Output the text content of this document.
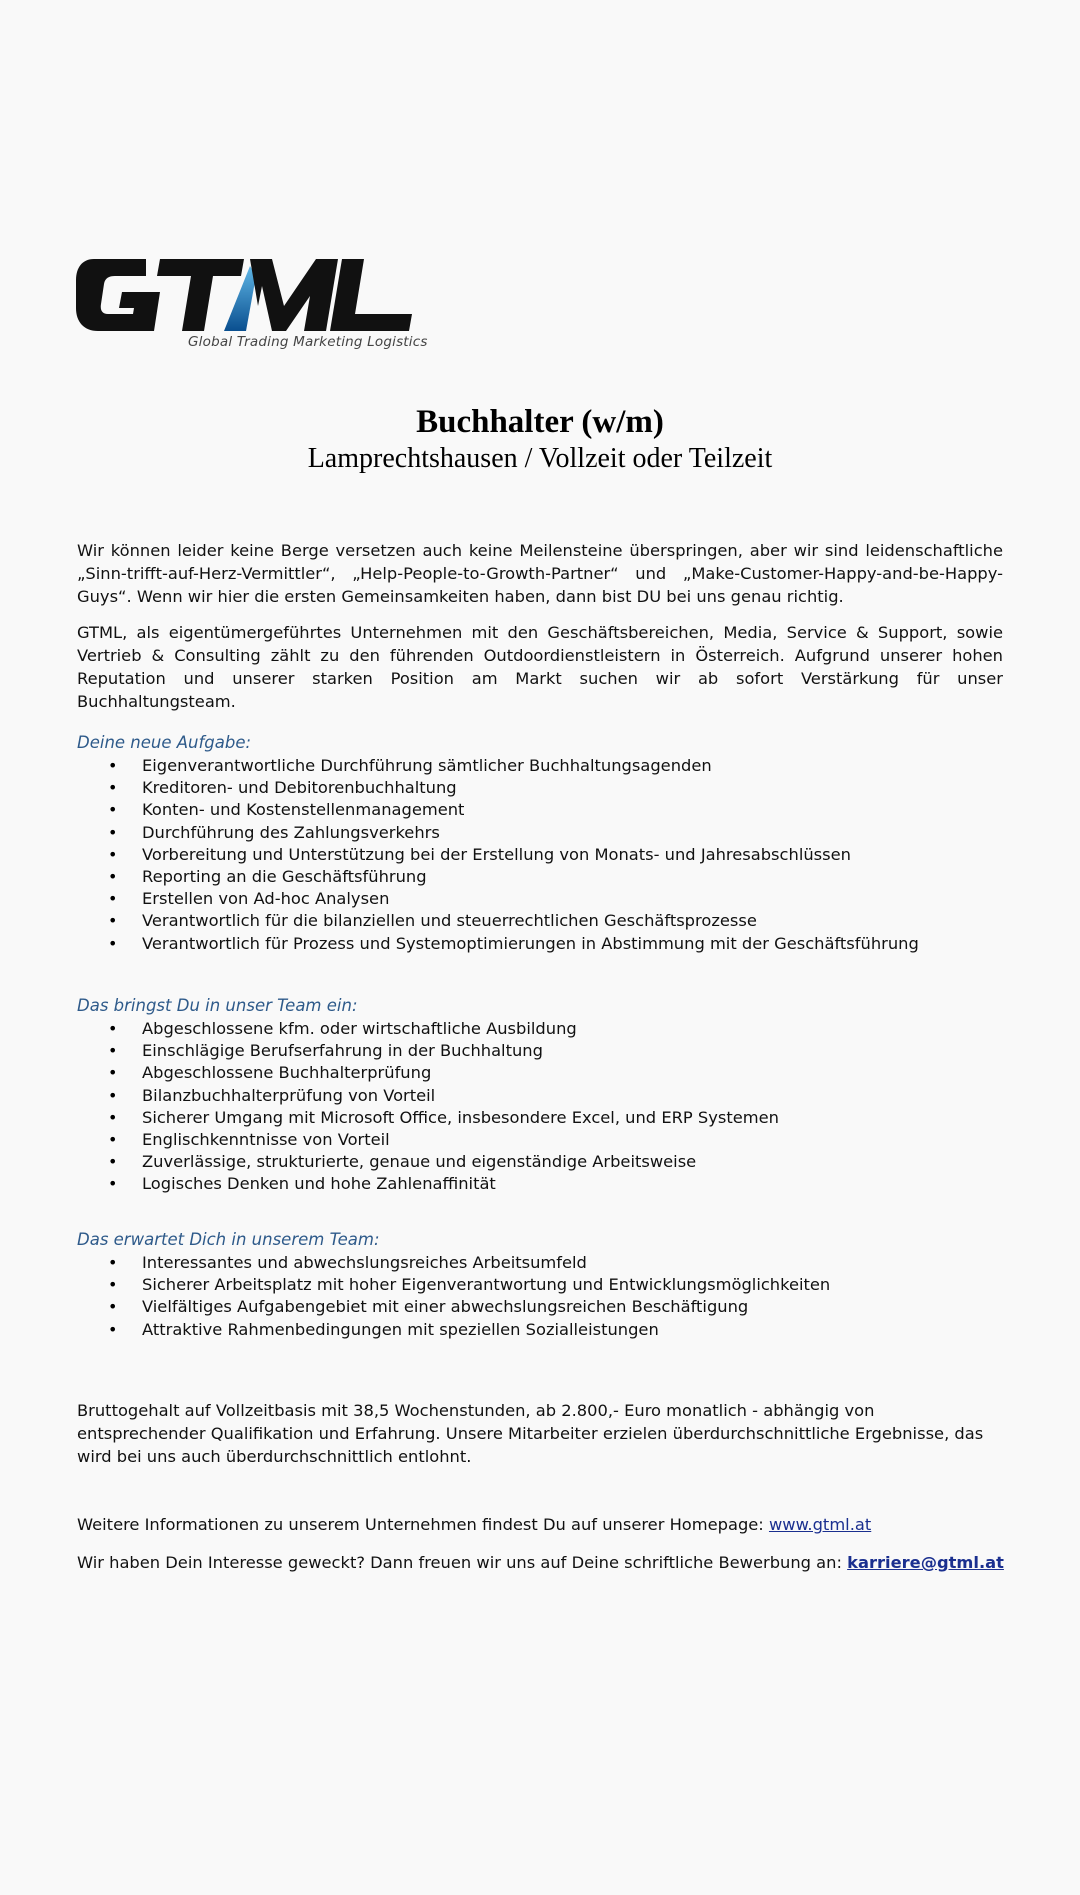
Global Trading Marketing Logistics
Buchhalter (w/m)
Lamprechtshausen / Vollzeit oder Teilzeit

Wir können leider keine Berge versetzen auch keine Meilensteine überspringen, aber wir sind leidenschaftliche „Sinn-trifft-auf-Herz-Vermittler“, „Help-People-to-Growth-Partner“ und „Make-Customer-Happy-and-be-Happy-Guys“. Wenn wir hier die ersten Gemeinsamkeiten haben, dann bist DU bei uns genau richtig.

GTML, als eigentümergeführtes Unternehmen mit den Geschäftsbereichen, Media, Service & Support, sowie Vertrieb & Consulting zählt zu den führenden Outdoordienstleistern in Österreich. Aufgrund unserer hohen Reputation und unserer starken Position am Markt suchen wir ab sofort Verstärkung für unser Buchhaltungsteam.

Deine neue Aufgabe:
• Eigenverantwortliche Durchführung sämtlicher Buchhaltungsagenden
• Kreditoren- und Debitorenbuchhaltung
• Konten- und Kostenstellenmanagement
• Durchführung des Zahlungsverkehrs
• Vorbereitung und Unterstützung bei der Erstellung von Monats- und Jahresabschlüssen
• Reporting an die Geschäftsführung
• Erstellen von Ad-hoc Analysen
• Verantwortlich für die bilanziellen und steuerrechtlichen Geschäftsprozesse
• Verantwortlich für Prozess und Systemoptimierungen in Abstimmung mit der Geschäftsführung
Das bringst Du in unser Team ein:
• Abgeschlossene kfm. oder wirtschaftliche Ausbildung
• Einschlägige Berufserfahrung in der Buchhaltung
• Abgeschlossene Buchhalterprüfung
• Bilanzbuchhalterprüfung von Vorteil
• Sicherer Umgang mit Microsoft Office, insbesondere Excel, und ERP Systemen
• Englischkenntnisse von Vorteil
• Zuverlässige, strukturierte, genaue und eigenständige Arbeitsweise
• Logisches Denken und hohe Zahlenaffinität
Das erwartet Dich in unserem Team:
• Interessantes und abwechslungsreiches Arbeitsumfeld
• Sicherer Arbeitsplatz mit hoher Eigenverantwortung und Entwicklungsmöglichkeiten
• Vielfältiges Aufgabengebiet mit einer abwechslungsreichen Beschäftigung
• Attraktive Rahmenbedingungen mit speziellen Sozialleistungen

Bruttogehalt auf Vollzeitbasis mit 38,5 Wochenstunden, ab 2.800,- Euro monatlich - abhängig von entsprechender Qualifikation und Erfahrung. Unsere Mitarbeiter erzielen überdurchschnittliche Ergebnisse, das wird bei uns auch überdurchschnittlich entlohnt.

Weitere Informationen zu unserem Unternehmen findest Du auf unserer Homepage: www.gtml.at
Wir haben Dein Interesse geweckt? Dann freuen wir uns auf Deine schriftliche Bewerbung an: karriere@gtml.at
